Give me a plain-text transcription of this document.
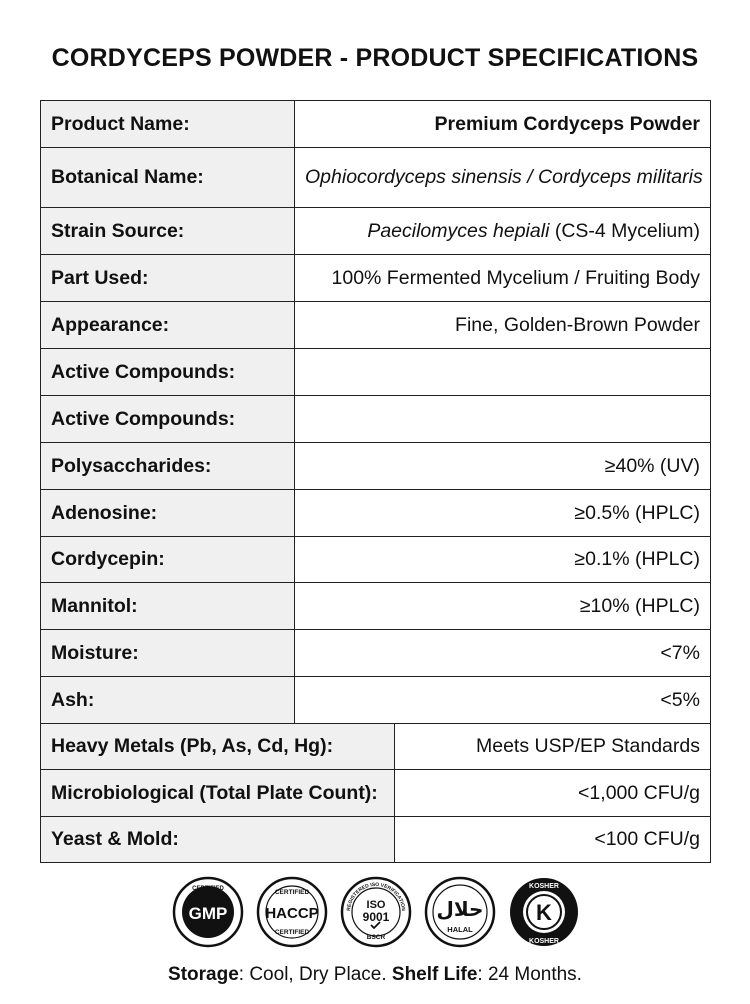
CORDYCEPS POWDER - PRODUCT SPECIFICATIONS
Product Name:	Premium Cordyceps Powder	
Botanical Name:	Ophiocordyceps sinensis / Cordyceps militaris	
Strain Source:	Paecilomyces hepiali (CS-4 Mycelium)	
Part Used:	100% Fermented Mycelium / Fruiting Body	
Appearance:	Fine, Golden-Brown Powder	
Active Compounds:		
Active Compounds:		
Polysaccharides:	≥40% (UV)	
Adenosine:	≥0.5% (HPLC)	
Cordycepin:	≥0.1% (HPLC)	
Mannitol:	≥10% (HPLC)	
Moisture:	<7%	
Ash:	<5%	
Heavy Metals (Pb, As, Cd, Hg):		Meets USP/EP Standards
Microbiological (Total Plate Count):		<1,000 CFU/g
Yeast & Mold:		<100 CFU/g
CERTIFIED
GMP
CERTIFIED
HACCP
CERTIFIED
REGISTERED ISO VERIFICATION
ISO
9001
BSCR
حلال
HALAL
KOSHER
K
KOSHER
Storage: Cool, Dry Place. Shelf Life: 24 Months.
